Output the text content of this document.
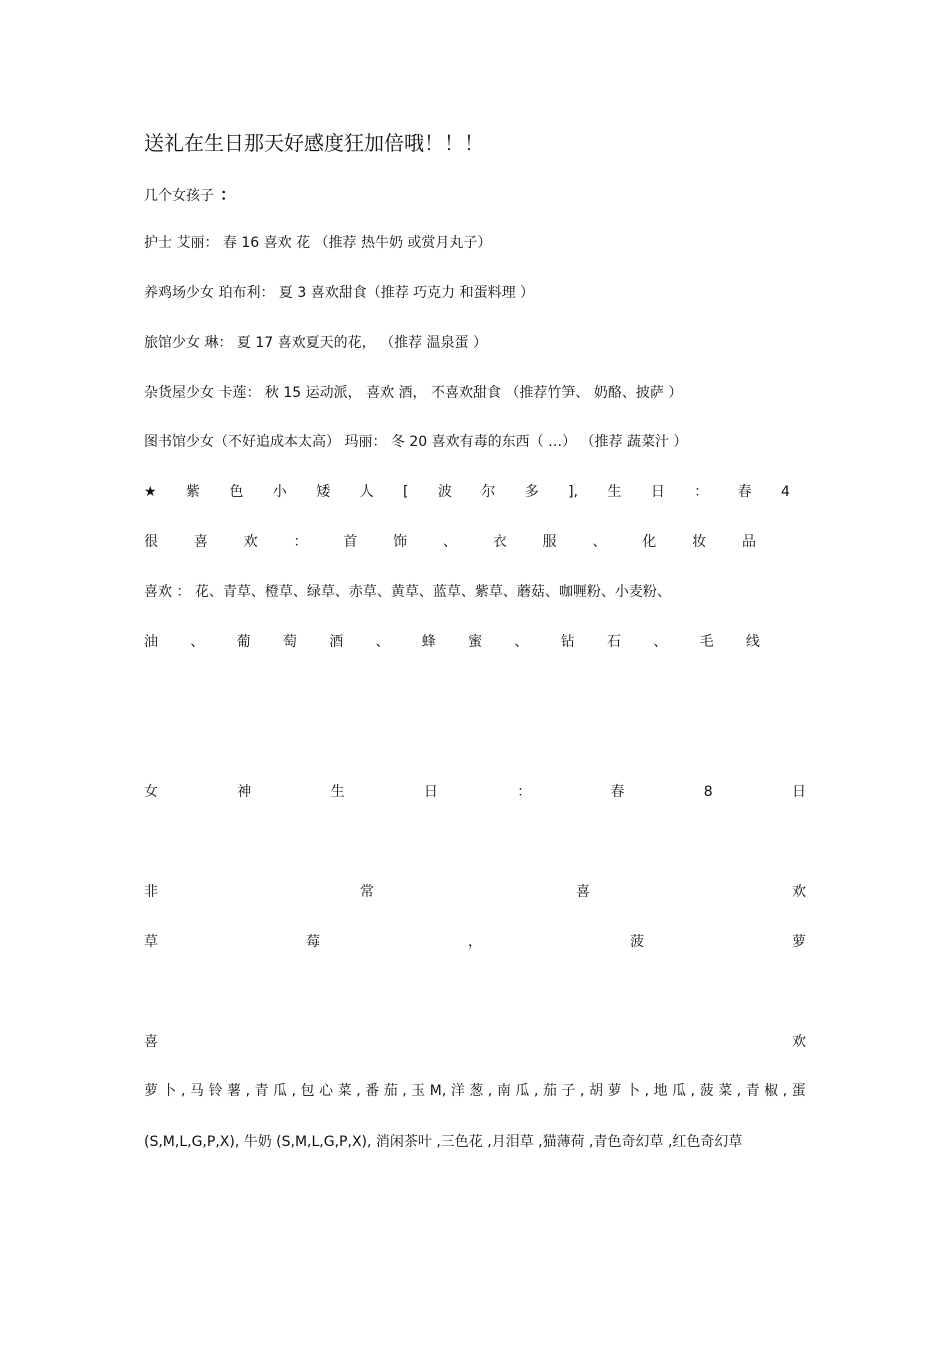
送礼在生日那天好感度狂加倍哦！！！
几个女孩子 ：
护士 艾丽： 春 16 喜欢 花 （推荐 热牛奶 或赏月丸子）
养鸡场少女 珀布利： 夏 3 喜欢甜食（推荐 巧克力 和蛋料理 ）
旅馆少女 琳： 夏 17 喜欢夏天的花， （推荐 温泉蛋 ）
杂货屋少女 卡莲： 秋 15 运动派， 喜欢 酒， 不喜欢甜食 （推荐竹笋、 奶酪、披萨 ）
图书馆少女（不好追成本太高） 玛丽： 冬 20 喜欢有毒的东西（ …） （推荐 蔬菜汁 ）
★ 紫 色 小 矮 人 [ 波 尔 多 ], 生 日 ： 春 4
很	喜	欢	：	首	饰	、	衣	服	、	化	妆	品
喜欢 ： 花、青草、橙草、绿草、赤草、黄草、蓝草、紫草、蘑菇、咖喱粉、小麦粉、
油 、 葡 萄 酒 、 蜂 蜜 、 钻 石 、 毛 线
女	神	生	日	：	春	8	日
非	常	喜	欢
草	莓	，	菠	萝
喜	欢
萝 卜 , 马 铃 薯 , 青 瓜 , 包 心 菜 , 番 茄 , 玉 M, 洋 葱 , 南 瓜 , 茄 子 , 胡 萝 卜 , 地 瓜 , 菠 菜 , 青 椒 , 蛋
(S,M,L,G,P,X), 牛奶 (S,M,L,G,P,X), 消闲茶叶 ,三色花 ,月泪草 ,猫薄荷 ,青色奇幻草 ,红色奇幻草
